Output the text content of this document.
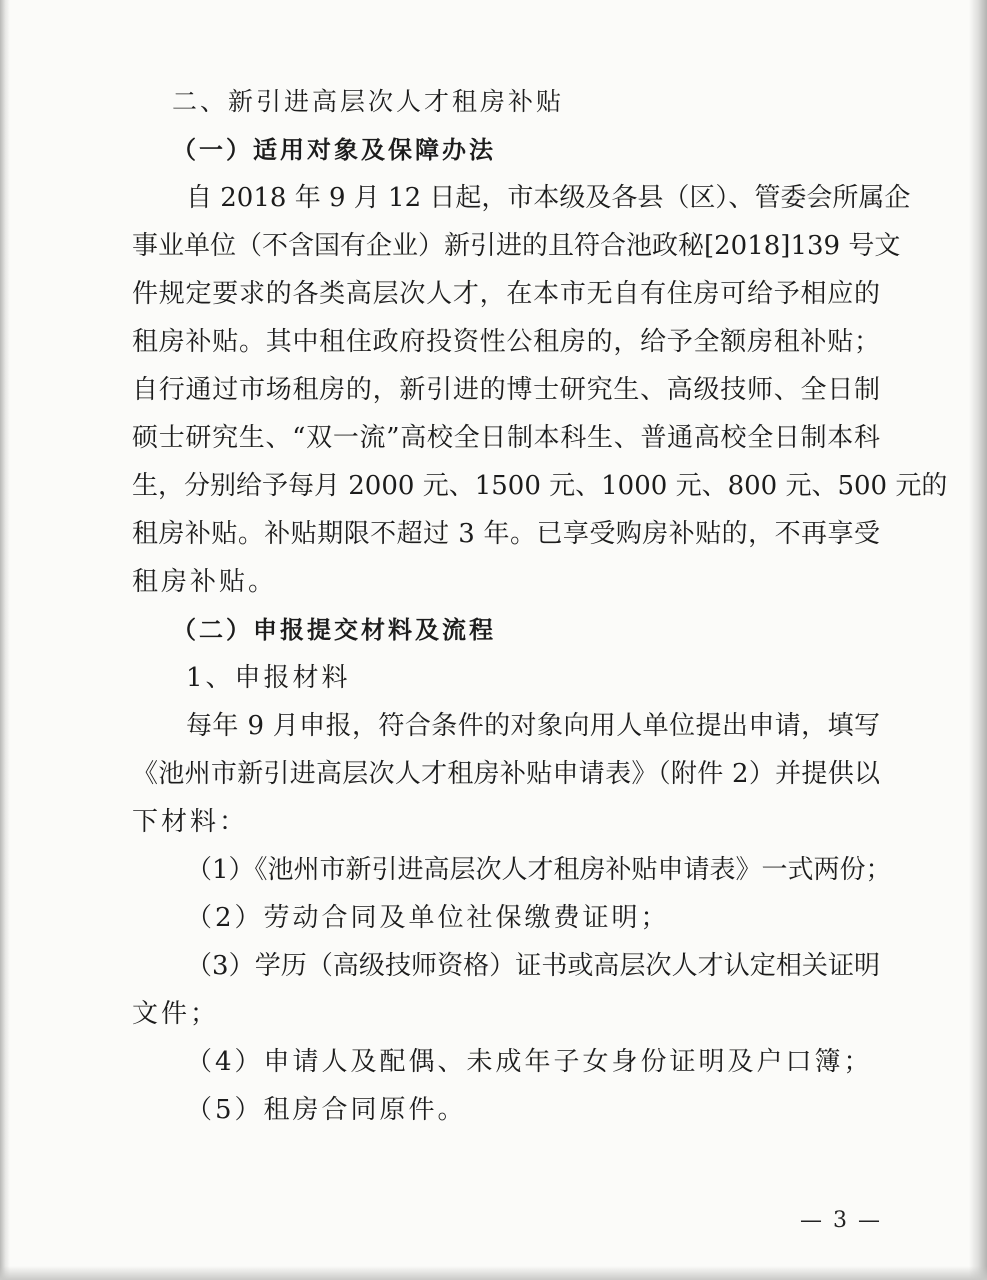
二、新引进高层次人才租房补贴
（一）适用对象及保障办法
自 2018 年 9 月 12 日起，市本级及各县（区）、管委会所属企
事业单位（不含国有企业）新引进的且符合池政秘[2018]139 号文
件规定要求的各类高层次人才，在本市无自有住房可给予相应的
租房补贴。其中租住政府投资性公租房的，给予全额房租补贴；
自行通过市场租房的，新引进的博士研究生、高级技师、全日制
硕士研究生、“双一流”高校全日制本科生、普通高校全日制本科
生，分别给予每月 2000 元、1500 元、1000 元、800 元、500 元的
租房补贴。补贴期限不超过 3 年。已享受购房补贴的，不再享受
租房补贴。
（二）申报提交材料及流程
1、申报材料
每年 9 月申报，符合条件的对象向用人单位提出申请，填写
《池州市新引进高层次人才租房补贴申请表》（附件 2）并提供以
下材料：
（1）《池州市新引进高层次人才租房补贴申请表》一式两份；
（2）劳动合同及单位社保缴费证明；
（3）学历（高级技师资格）证书或高层次人才认定相关证明
文件；
（4）申请人及配偶、未成年子女身份证明及户口簿；
（5）租房合同原件。
— 3 —
